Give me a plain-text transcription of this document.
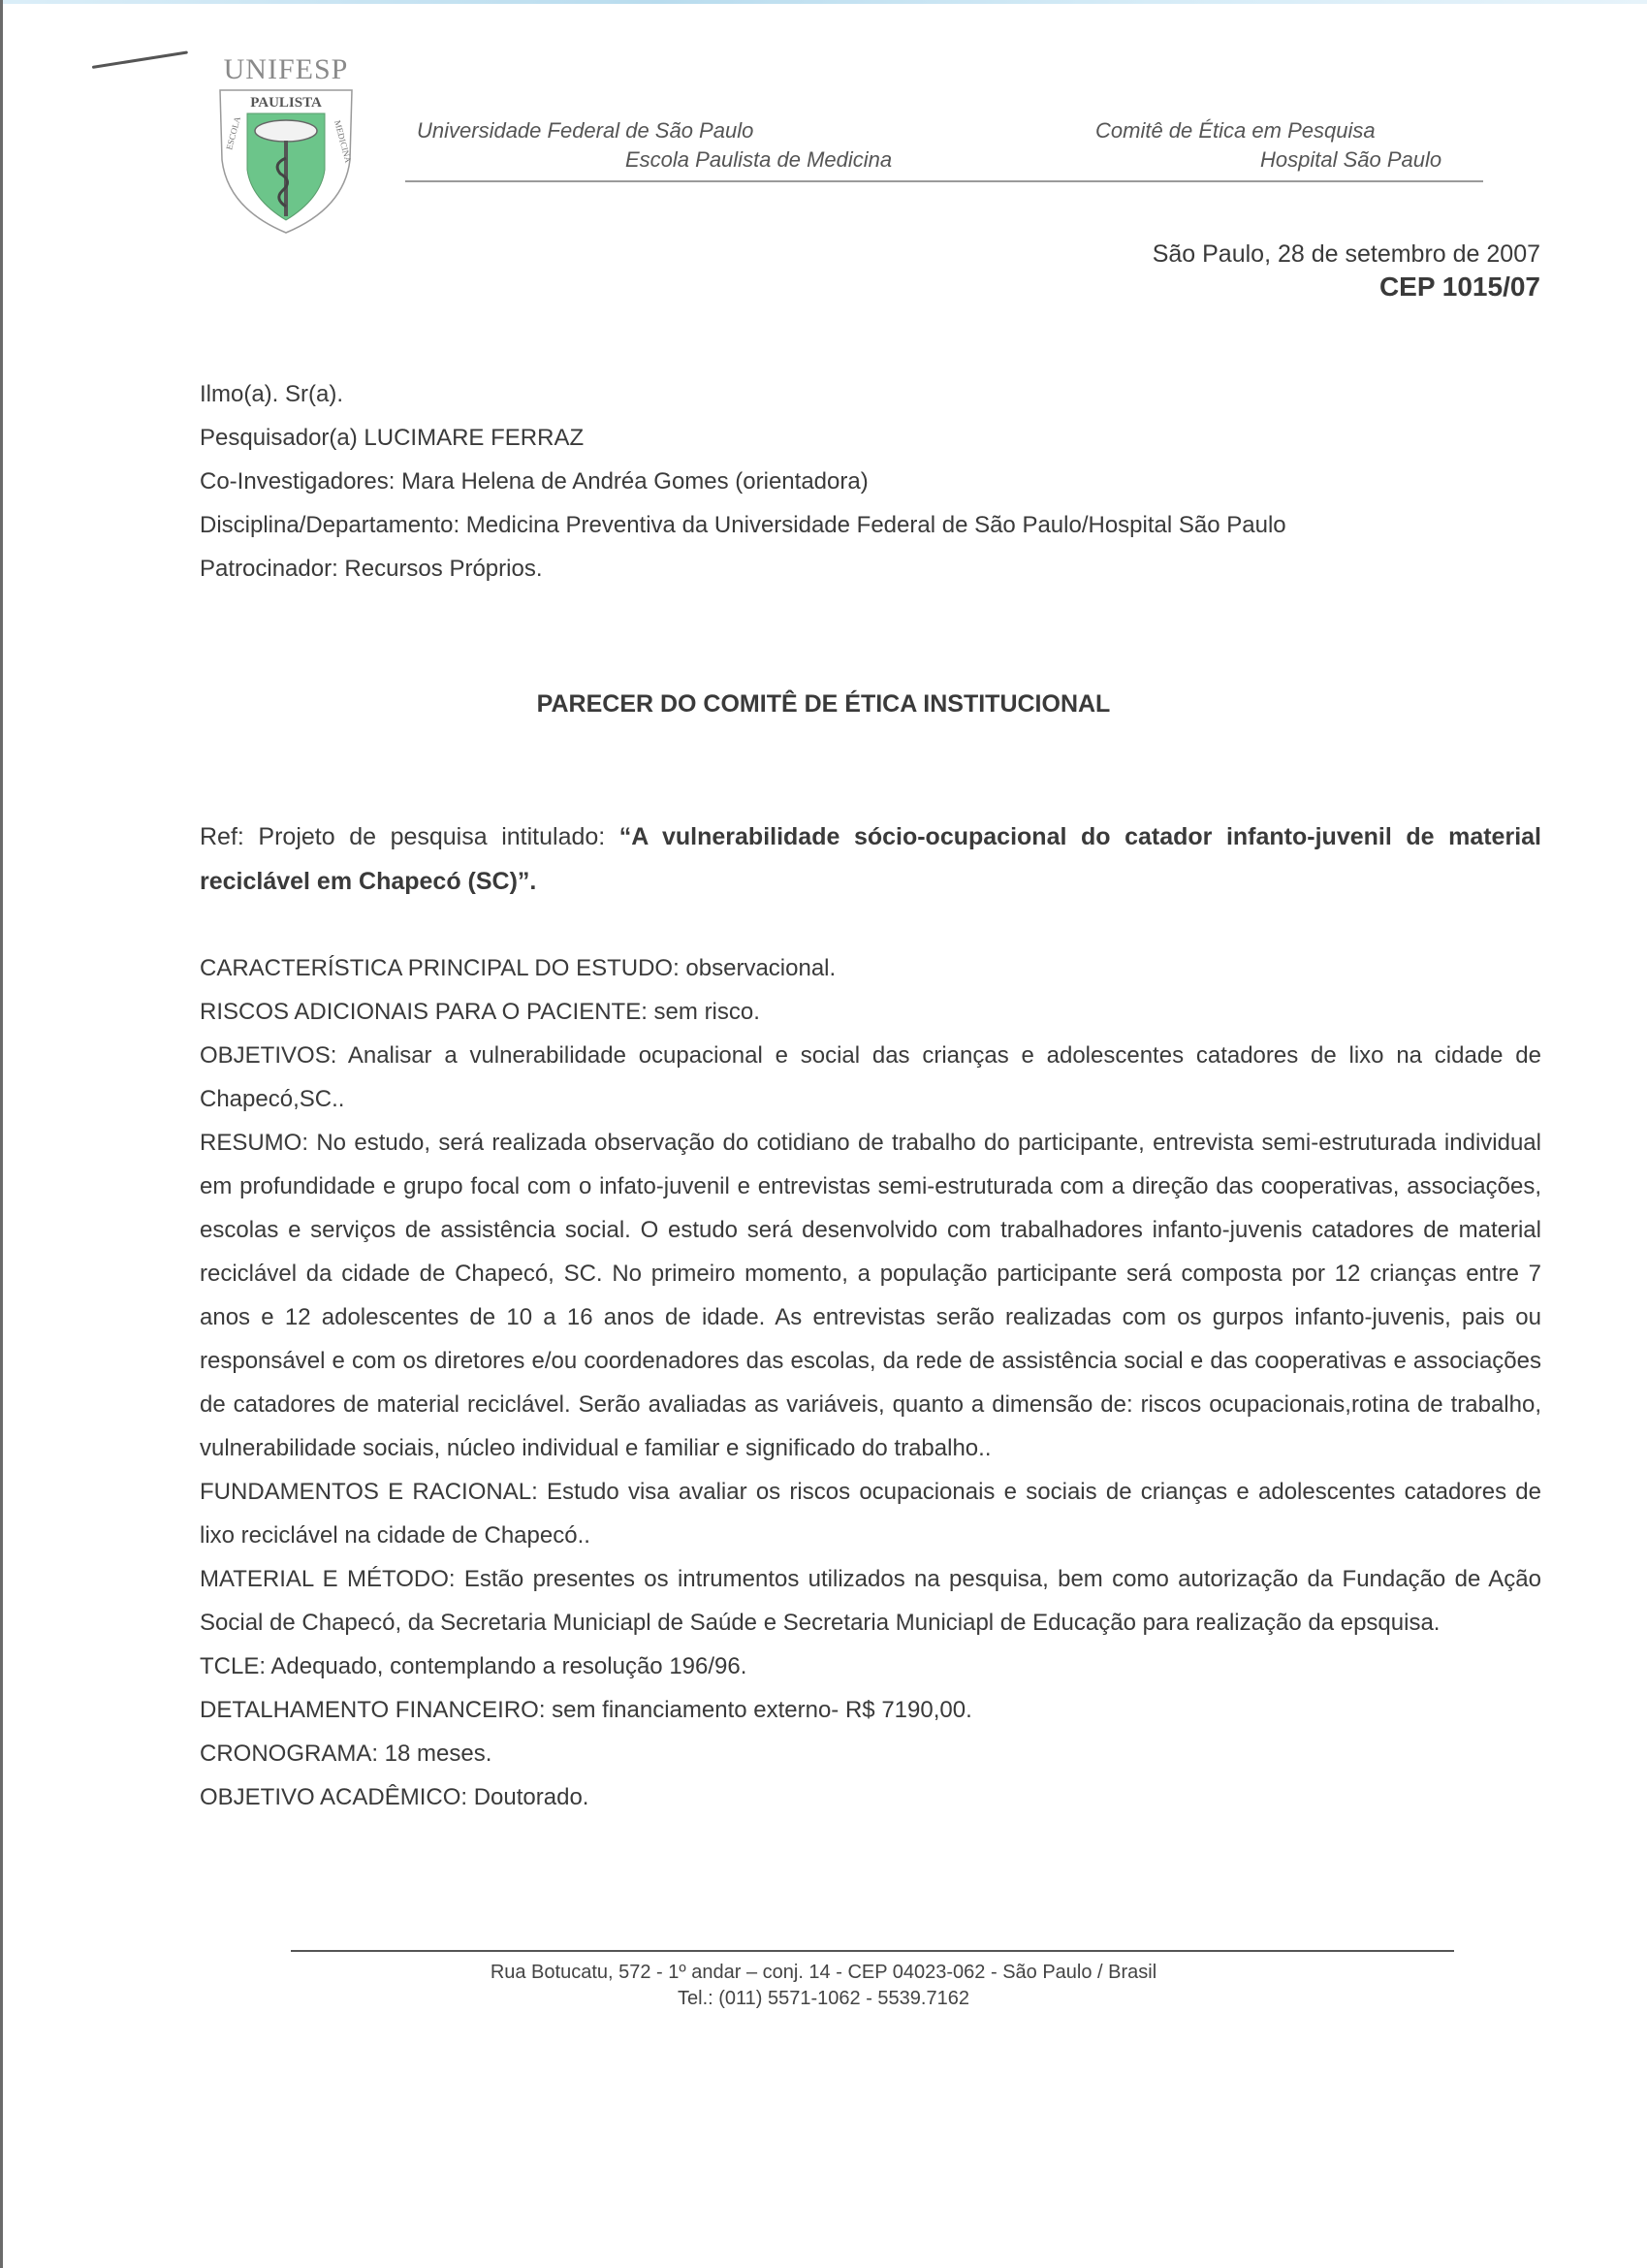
UNIFESP
PAULISTA
ESCOLA	MEDICINA	Universidade Federal de São Paulo
Escola Paulista de Medicina
Comitê de Ética em Pesquisa
Hospital São Paulo
São Paulo, 28 de setembro de 2007
CEP 1015/07
Ilmo(a). Sr(a).
Pesquisador(a) LUCIMARE FERRAZ
Co-Investigadores: Mara Helena de Andréa Gomes (orientadora)
Disciplina/Departamento: Medicina Preventiva da Universidade Federal de São Paulo/Hospital São Paulo
Patrocinador: Recursos Próprios.
PARECER DO COMITÊ DE ÉTICA INSTITUCIONAL
Ref: Projeto de pesquisa intitulado: “A vulnerabilidade sócio-ocupacional do catador infanto-juvenil de material reciclável em Chapecó (SC)”.
CARACTERÍSTICA PRINCIPAL DO ESTUDO: observacional.
RISCOS ADICIONAIS PARA O PACIENTE: sem risco.
OBJETIVOS: Analisar a vulnerabilidade ocupacional e social das crianças e adolescentes catadores de lixo na cidade de Chapecó,SC..
RESUMO: No estudo, será realizada observação do cotidiano de trabalho do participante, entrevista semi-estruturada individual em profundidade e grupo focal com o infato-juvenil e entrevistas semi-estruturada com a direção das cooperativas, associações, escolas e serviços de assistência social. O estudo será desenvolvido com trabalhadores infanto-juvenis catadores de material reciclável da cidade de Chapecó, SC. No primeiro momento, a população participante será composta por 12 crianças entre 7 anos e 12 adolescentes de 10 a 16 anos de idade. As entrevistas serão realizadas com os gurpos infanto-juvenis, pais ou responsável e com os diretores e/ou coordenadores das escolas, da rede de assistência social e das cooperativas e associações de catadores de material reciclável. Serão avaliadas as variáveis, quanto a dimensão de: riscos ocupacionais,rotina de trabalho, vulnerabilidade sociais, núcleo individual e familiar e significado do trabalho..
FUNDAMENTOS E RACIONAL: Estudo visa avaliar os riscos ocupacionais e sociais de crianças e adolescentes catadores de lixo reciclável na cidade de Chapecó..
MATERIAL E MÉTODO: Estão presentes os intrumentos utilizados na pesquisa, bem como autorização da Fundação de Ação Social de Chapecó, da Secretaria Municiapl de Saúde e Secretaria Municiapl de Educação para realização da epsquisa.
TCLE: Adequado, contemplando a resolução 196/96.
DETALHAMENTO FINANCEIRO: sem financiamento externo- R$ 7190,00.
CRONOGRAMA: 18 meses.
OBJETIVO ACADÊMICO: Doutorado.
Rua Botucatu, 572 - 1º andar – conj. 14 - CEP 04023-062 - São Paulo / Brasil
Tel.: (011) 5571-1062 - 5539.7162
